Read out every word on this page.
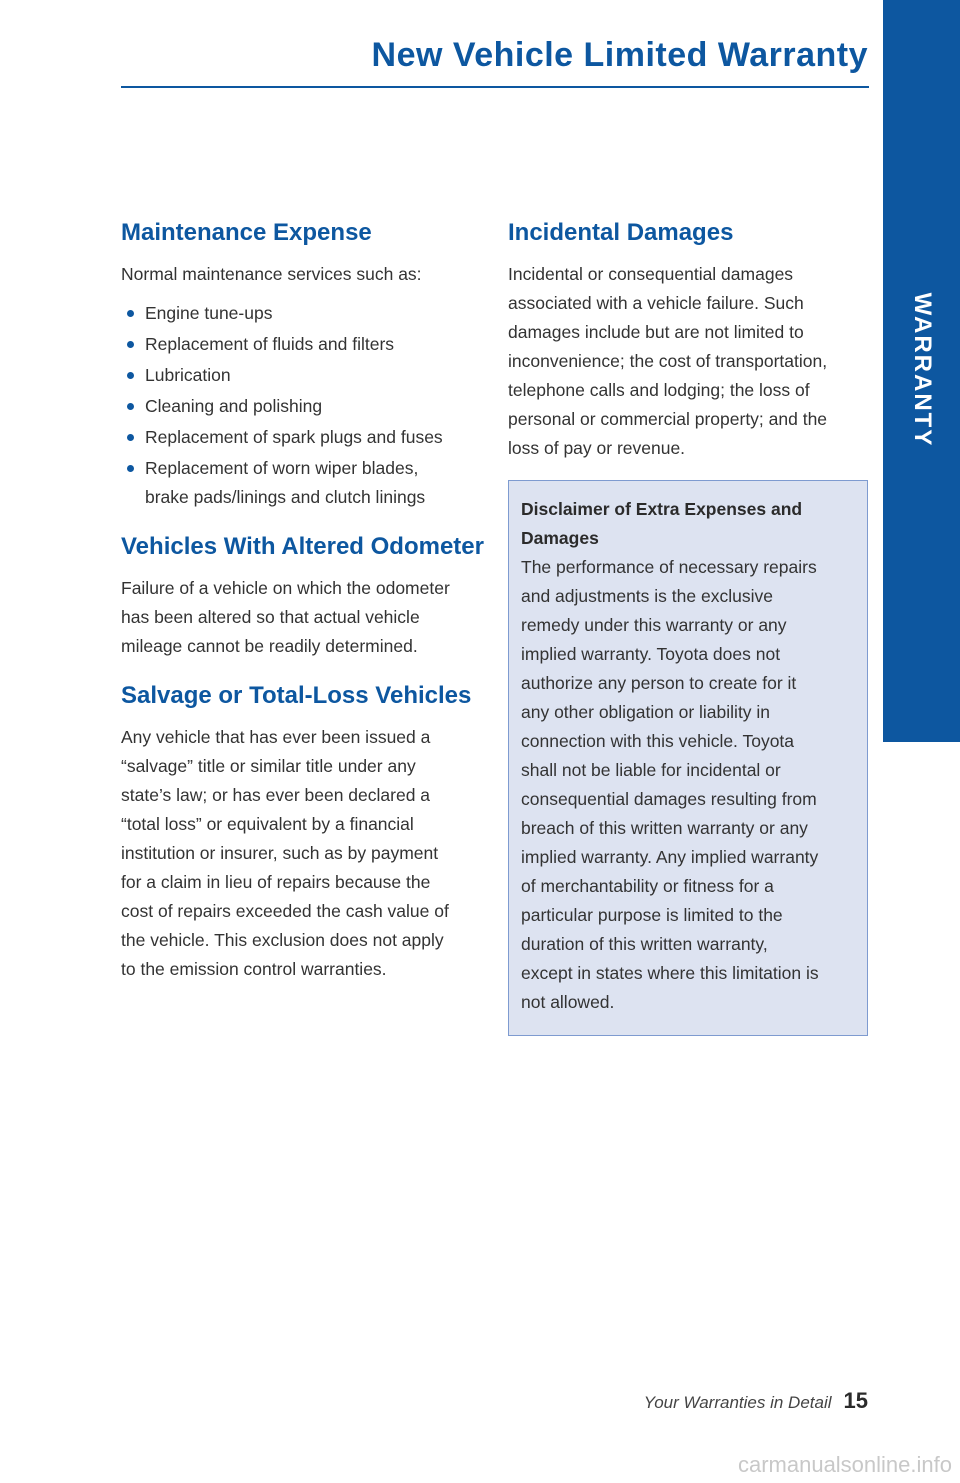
WARRANTY
New Vehicle Limited Warranty
Maintenance Expense

Normal maintenance services such as:

Engine tune-ups
Replacement of fluids and filters
Lubrication
Cleaning and polishing
Replacement of spark plugs and fuses
Replacement of worn wiper blades,
brake pads/linings and clutch linings
Vehicles With Altered Odometer

Failure of a vehicle on which the odometer
has been altered so that actual vehicle
mileage cannot be readily determined.

Salvage or Total-Loss Vehicles

Any vehicle that has ever been issued a
“salvage” title or similar title under any
state’s law; or has ever been declared a
“total loss” or equivalent by a financial
institution or insurer, such as by payment
for a claim in lieu of repairs because the
cost of repairs exceeded the cash value of
the vehicle. This exclusion does not apply
to the emission control warranties.

Incidental Damages

Incidental or consequential damages
associated with a vehicle failure. Such
damages include but are not limited to
inconvenience; the cost of transportation,
telephone calls and lodging; the loss of
personal or commercial property; and the
loss of pay or revenue.

Disclaimer of Extra Expenses and
Damages
The performance of necessary repairs
and adjustments is the exclusive
remedy under this warranty or any
implied warranty. Toyota does not
authorize any person to create for it
any other obligation or liability in
connection with this vehicle. Toyota
shall not be liable for incidental or
consequential damages resulting from
breach of this written warranty or any
implied warranty. Any implied warranty
of merchantability or fitness for a
particular purpose is limited to the
duration of this written warranty,
except in states where this limitation is
not allowed.
Your Warranties in Detail 15
carmanualsonline.info
